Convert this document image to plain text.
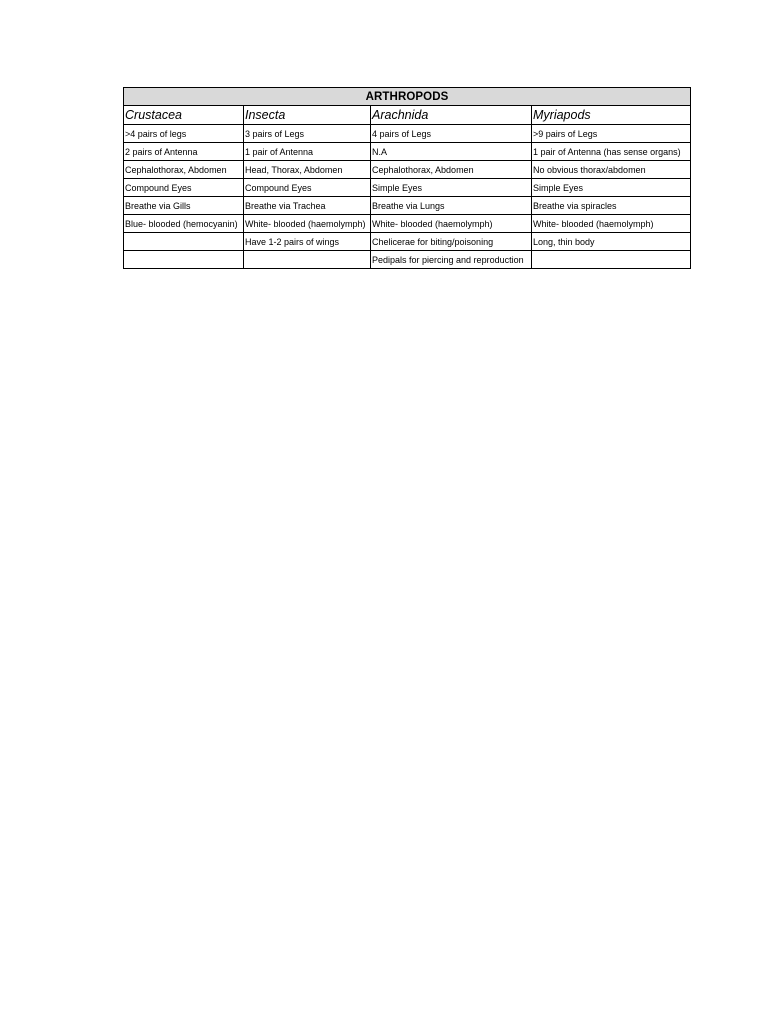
ARTHROPODS			
Crustacea	Insecta	Arachnida	Myriapods
>4 pairs of legs	3 pairs of Legs	4 pairs of Legs	>9 pairs of Legs
2 pairs of Antenna	1 pair of Antenna	N.A	1 pair of Antenna (has sense organs)
Cephalothorax, Abdomen	Head, Thorax, Abdomen	Cephalothorax, Abdomen	No obvious thorax/abdomen
Compound Eyes	Compound Eyes	Simple Eyes	Simple Eyes
Breathe via Gills	Breathe via Trachea	Breathe via Lungs	Breathe via spiracles
Blue- blooded (hemocyanin)	White- blooded (haemolymph)	White- blooded (haemolymph)	White- blooded (haemolymph)
	Have 1-2 pairs of wings	Chelicerae for biting/poisoning	Long, thin body
		Pedipals for piercing and reproduction	
